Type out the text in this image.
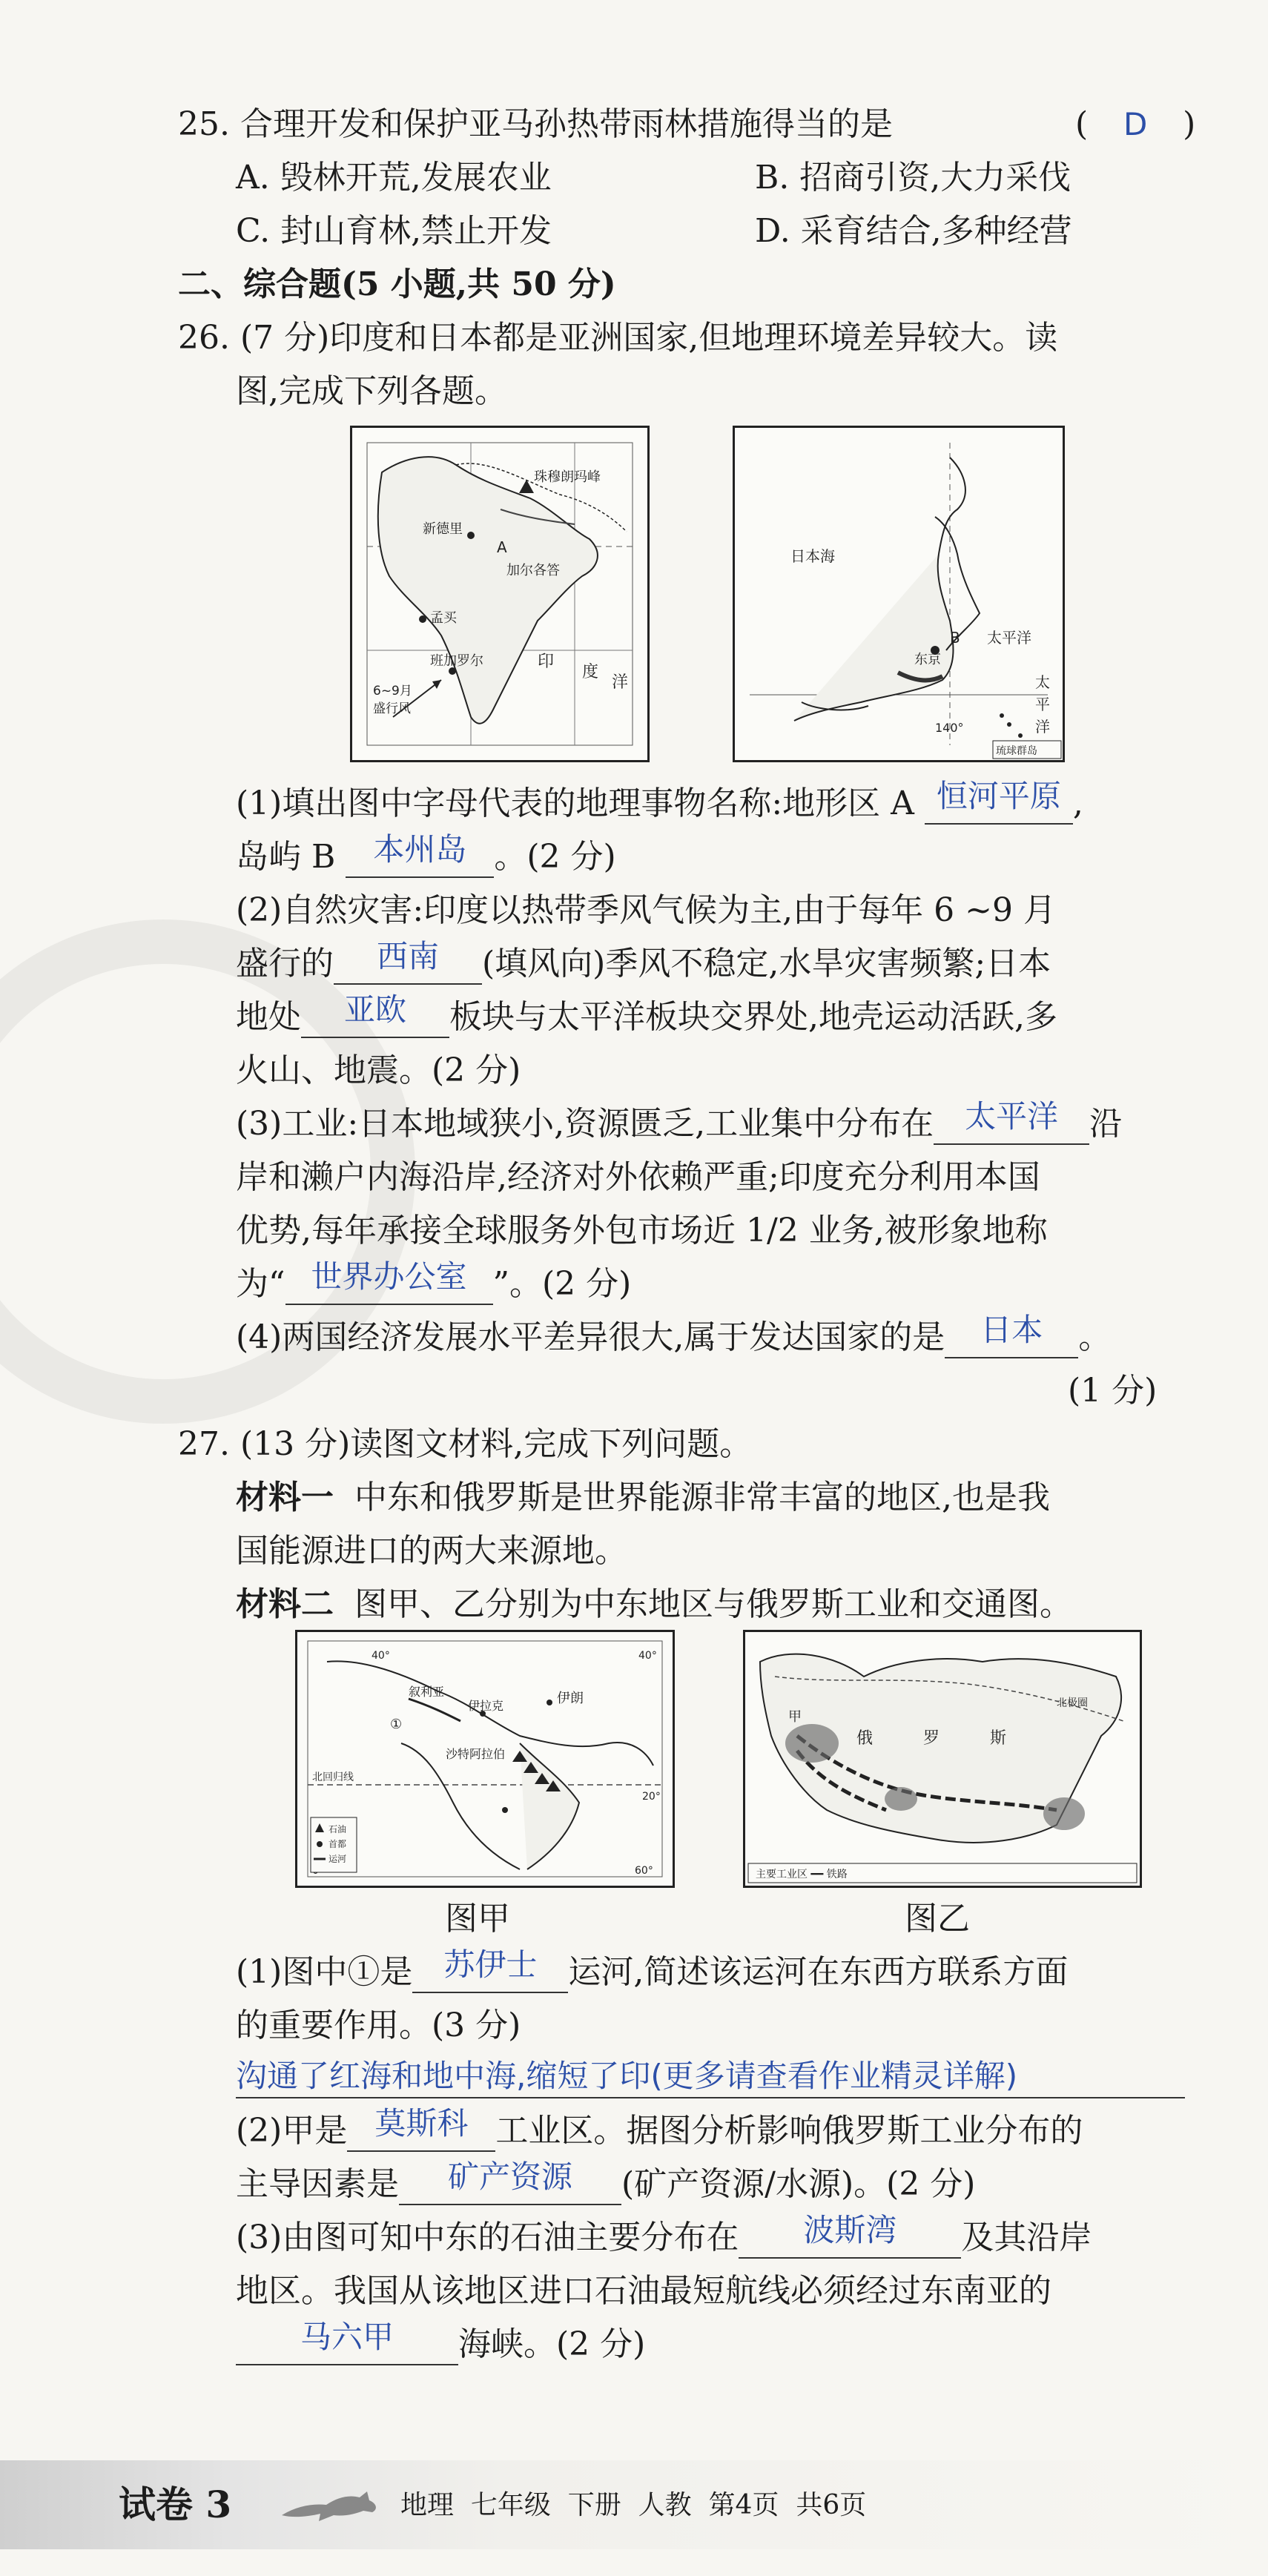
25. 合理开发和保护亚马孙热带雨林措施得当的是	( D )
A. 毁林开荒,发展农业	B. 招商引资,大力采伐
C. 封山育林,禁止开发	D. 采育结合,多种经营
二、综合题(5 小题,共 50 分)
26. (7 分)印度和日本都是亚洲国家,但地理环境差异较大。读
图,完成下列各题。
珠穆朗玛峰
新德里
A
加尔各答
孟买
班加罗尔
6~9月
盛行风
印
度
洋
日本海
B
东京
太平洋
太
平
洋
140°
琉球群岛
(1)填出图中字母代表的地理事物名称:地形区 A 恒河平原 ,
岛屿 B 本州岛 。(2 分)
(2)自然灾害:印度以热带季风气候为主,由于每年 6 ~9 月
盛行的 西南 (填风向)季风不稳定,水旱灾害频繁;日本
地处 亚欧 板块与太平洋板块交界处,地壳运动活跃,多
火山、地震。(2 分)
(3)工业:日本地域狭小,资源匮乏,工业集中分布在 太平洋 沿
岸和濑户内海沿岸,经济对外依赖严重;印度充分利用本国
优势,每年承接全球服务外包市场近 1/2 业务,被形象地称
为“ 世界办公室 ”。(2 分)
(4)两国经济发展水平差异很大,属于发达国家的是 日本 。
(1 分)
27. (13 分)读图文材料,完成下列问题。
材料一 中东和俄罗斯是世界能源非常丰富的地区,也是我
国能源进口的两大来源地。
材料二 图甲、乙分别为中东地区与俄罗斯工业和交通图。
40°	40°
叙利亚
①
伊拉克	伊朗
沙特阿拉伯
北回归线
20°
60°
石油
首都
运河
甲
俄	罗	斯
北极圈
主要工业区 ━━ 铁路
图甲	图乙
(1)图中①是 苏伊士 运河,简述该运河在东西方联系方面
的重要作用。(3 分)
沟通了红海和地中海,缩短了印(更多请查看作业精灵详解)
(2)甲是 莫斯科 工业区。据图分析影响俄罗斯工业分布的
主导因素是 矿产资源 (矿产资源/水源)。(2 分)
(3)由图可知中东的石油主要分布在 波斯湾 及其沿岸
地区。我国从该地区进口石油最短航线必须经过东南亚的
马六甲 海峡。(2 分)
试卷 3	地理  七年级  下册  人教  第4页  共6页
